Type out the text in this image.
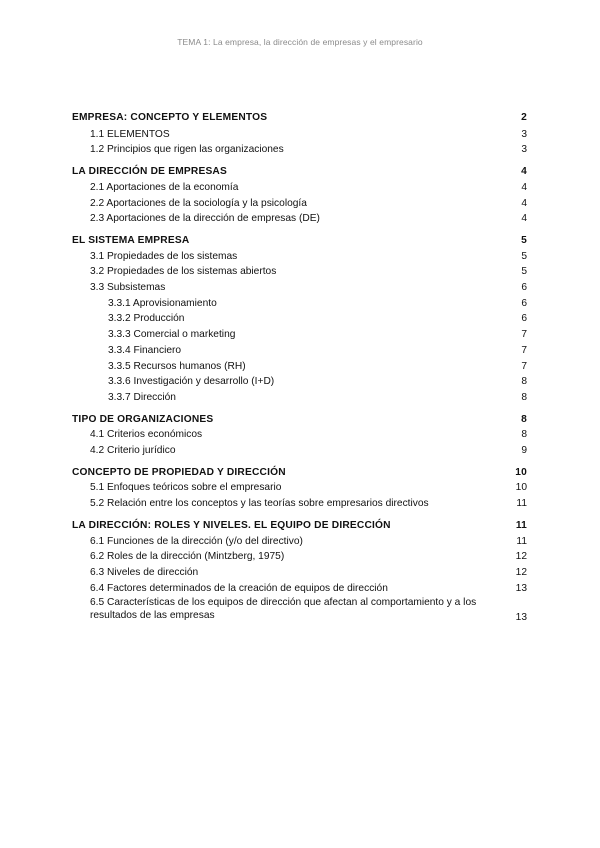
TEMA 1: La empresa, la dirección de empresas y el empresario
EMPRESA: CONCEPTO Y ELEMENTOS	2
1.1 ELEMENTOS	3
1.2 Principios que rigen las organizaciones	3
LA DIRECCIÓN DE EMPRESAS	4
2.1 Aportaciones de la economía	4
2.2 Aportaciones de la sociología y la psicología	4
2.3 Aportaciones de la dirección de empresas (DE)	4
EL SISTEMA EMPRESA	5
3.1 Propiedades de los sistemas	5
3.2 Propiedades de los sistemas abiertos	5
3.3 Subsistemas	6
3.3.1 Aprovisionamiento	6
3.3.2 Producción	6
3.3.3 Comercial o marketing	7
3.3.4 Financiero	7
3.3.5 Recursos humanos (RH)	7
3.3.6 Investigación y desarrollo (I+D)	8
3.3.7 Dirección	8
TIPO DE ORGANIZACIONES	8
4.1 Criterios económicos	8
4.2 Criterio jurídico	9
CONCEPTO DE PROPIEDAD Y DIRECCIÓN	10
5.1 Enfoques teóricos sobre el empresario	10
5.2 Relación entre los conceptos y las teorías sobre empresarios directivos	11
LA DIRECCIÓN: ROLES Y NIVELES. EL EQUIPO DE DIRECCIÓN	11
6.1 Funciones de la dirección (y/o del directivo)	11
6.2 Roles de la dirección (Mintzberg, 1975)	12
6.3 Niveles de dirección	12
6.4 Factores determinados de la creación de equipos de dirección	13
6.5 Características de los equipos de dirección que afectan al comportamiento y a los resultados de las empresas	13
